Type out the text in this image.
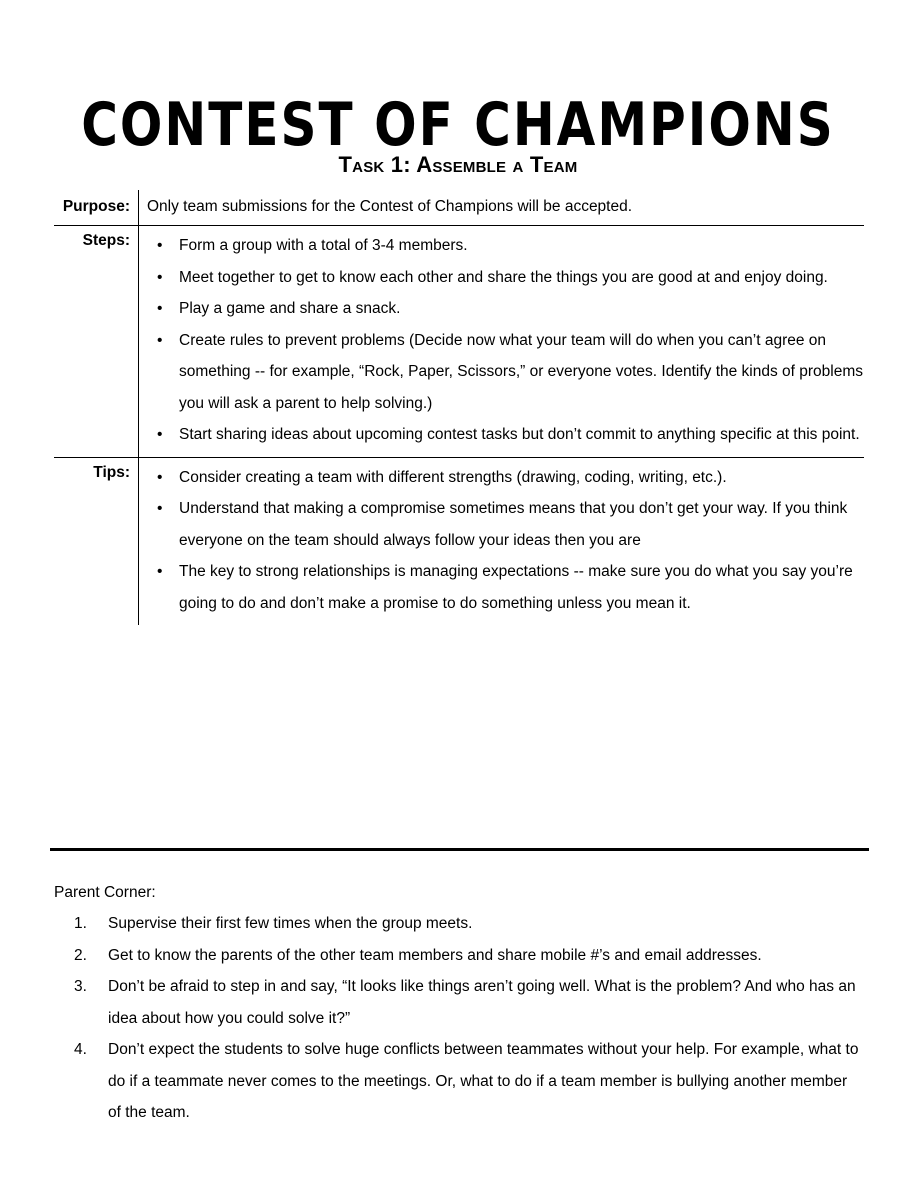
CONTEST OF CHAMPIONS
Task 1: Assemble a Team
Purpose:	Only team submissions for the Contest of Champions will be accepted.
Steps:	• Form a group with a total of 3-4 members.
• Meet together to get to know each other and share the things you are good at and enjoy doing.
• Play a game and share a snack.
• Create rules to prevent problems (Decide now what your team will do when you can’t agree on something -- for example, “Rock, Paper, Scissors,” or everyone votes. Identify the kinds of problems you will ask a parent to help solving.)
• Start sharing ideas about upcoming contest tasks but don’t commit to anything specific at this point.
Tips:	• Consider creating a team with different strengths (drawing, coding, writing, etc.).
• Understand that making a compromise sometimes means that you don’t get your way. If you think everyone on the team should always follow your ideas then you are
• The key to strong relationships is managing expectations -- make sure you do what you say you’re going to do and don’t make a promise to do something unless you mean it.
Parent Corner:
1. Supervise their first few times when the group meets.
2. Get to know the parents of the other team members and share mobile #’s and email addresses.
3. Don’t be afraid to step in and say, “It looks like things aren’t going well. What is the problem? And who has an idea about how you could solve it?”
4. Don’t expect the students to solve huge conflicts between teammates without your help. For example, what to do if a teammate never comes to the meetings. Or, what to do if a team member is bullying another member of the team.
